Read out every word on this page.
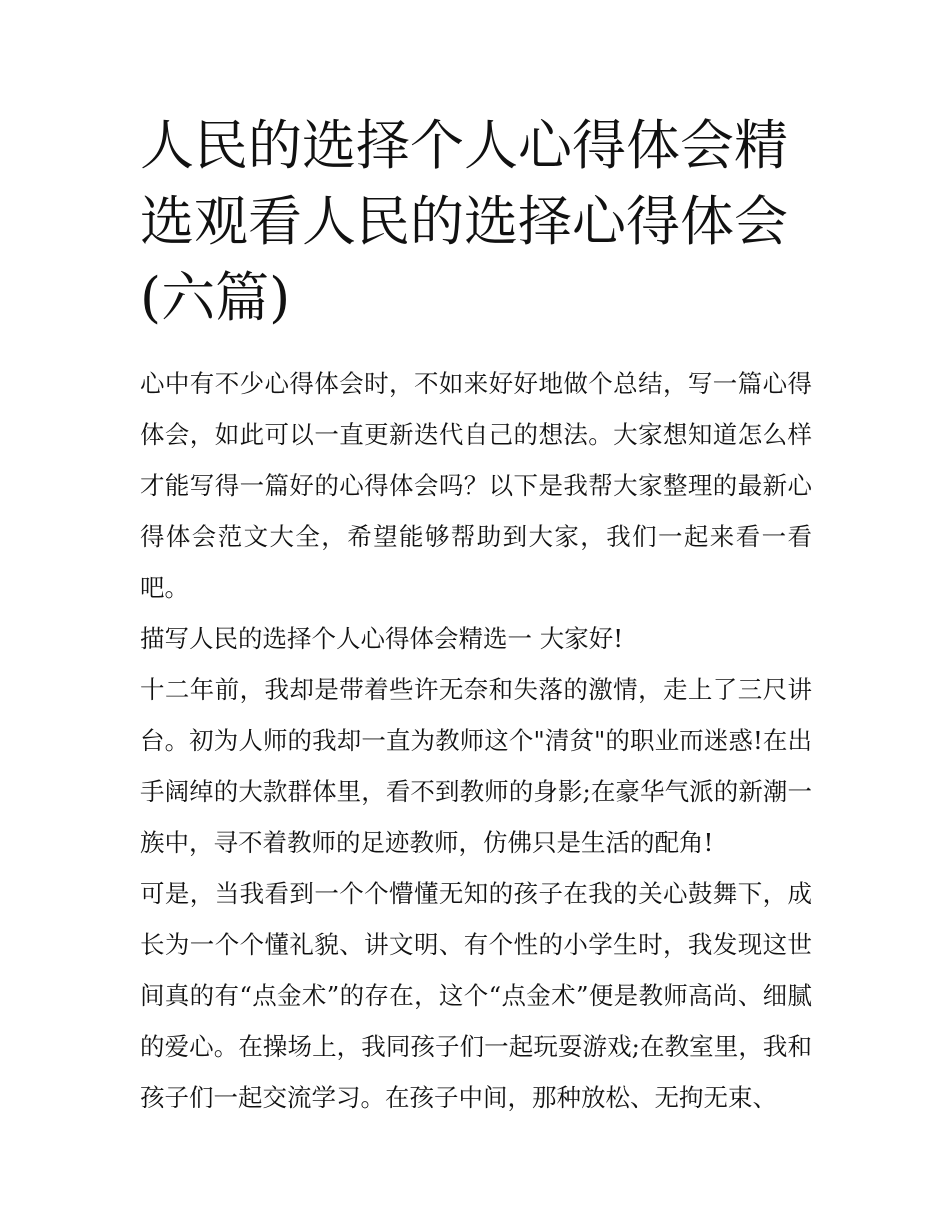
人民的选择个人心得体会精选观看人民的选择心得体会(六篇)

心中有不少心得体会时，不如来好好地做个总结，写一篇心得体会，如此可以一直更新迭代自己的想法。大家想知道怎么样才能写得一篇好的心得体会吗？以下是我帮大家整理的最新心得体会范文大全，希望能够帮助到大家，我们一起来看一看吧。

描写人民的选择个人心得体会精选一 大家好!

十二年前，我却是带着些许无奈和失落的激情，走上了三尺讲台。初为人师的我却一直为教师这个"清贫"的职业而迷惑!在出手阔绰的大款群体里，看不到教师的身影;在豪华气派的新潮一族中，寻不着教师的足迹教师，仿佛只是生活的配角!

可是，当我看到一个个懵懂无知的孩子在我的关心鼓舞下，成长为一个个懂礼貌、讲文明、有个性的小学生时，我发现这世间真的有“点金术”的存在，这个“点金术”便是教师高尚、细腻的爱心。在操场上，我同孩子们一起玩耍游戏;在教室里，我和孩子们一起交流学习。在孩子中间，那种放松、无拘无束、
